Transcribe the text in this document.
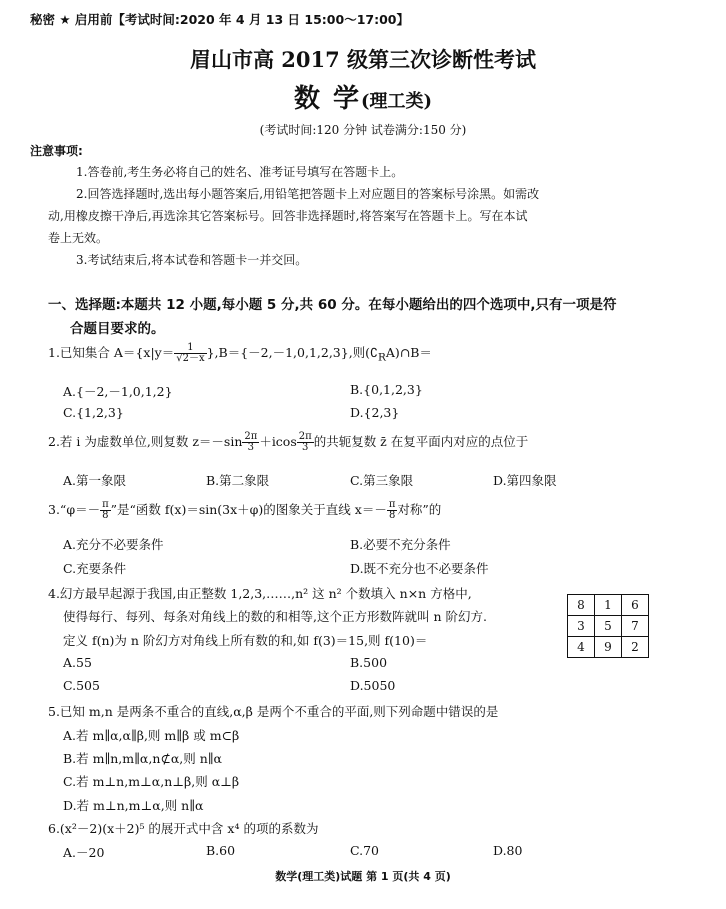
秘密 ★ 启用前【考试时间:2020 年 4 月 13 日 15:00～17:00】
眉山市高 2017 级第三次诊断性考试
数 学(理工类)
(考试时间:120 分钟 试卷满分:150 分)
注意事项:
1.答卷前,考生务必将自己的姓名、准考证号填写在答题卡上。
2.回答选择题时,选出每小题答案后,用铅笔把答题卡上对应题目的答案标号涂黑。如需改
动,用橡皮擦干净后,再选涂其它答案标号。回答非选择题时,将答案写在答题卡上。写在本试
卷上无效。
3.考试结束后,将本试卷和答题卡一并交回。
一、选择题:本题共 12 小题,每小题 5 分,共 60 分。在每小题给出的四个选项中,只有一项是符
合题目要求的。
1.已知集合 $A=\{x|y= \frac{1}{√2-x} \},B=\{-2,-1,0,1,2,3\}$,则$(∁_RA)\cap B=$
A.{－2,－1,0,1,2}	B.{0,1,2,3}
C.{1,2,3}	D.{2,3}
2.若 i 为虚数单位,则复数 $z=-\sin \frac{2\pi}{3} +icos \frac{2\pi}{3}$ 的共轭复数 z̄ 在复平面内对应的点位于
A.第一象限	B.第二象限	C.第三象限	D.第四象限
3.“φ＝－ $\frac{\pi}{8}$ ”是“函数 f(x)＝sin(3x＋φ)的图象关于直线 $x=- \frac{\pi}{8}$ 对称”的
A.充分不必要条件	B.必要不充分条件
C.充要条件	D.既不充分也不必要条件
4.幻方最早起源于我国,由正整数 1,2,3,……,n² 这 n² 个数填入 n×n 方格中,
使得每行、每列、每条对角线上的数的和相等,这个正方形数阵就叫 n 阶幻方.
定义 f(n)为 n 阶幻方对角线上所有数的和,如 f(3)＝15,则 f(10)＝
8	1	6
3	5	7
4	9	2
A.55	B.500
C.505	D.5050
5.已知 m,n 是两条不重合的直线,α,β 是两个不重合的平面,则下列命题中错误的是
A.若 m∥α,α∥β,则 m∥β 或 m⊂β
B.若 m∥n,m∥α,n⊄α,则 n∥α
C.若 m⊥n,m⊥α,n⊥β,则 α⊥β
D.若 m⊥n,m⊥α,则 n∥α
6.(x²－2)(x＋2)⁵ 的展开式中含 x⁴ 的项的系数为
A.－20	B.60	C.70	D.80
数学(理工类)试题 第 1 页(共 4 页)
